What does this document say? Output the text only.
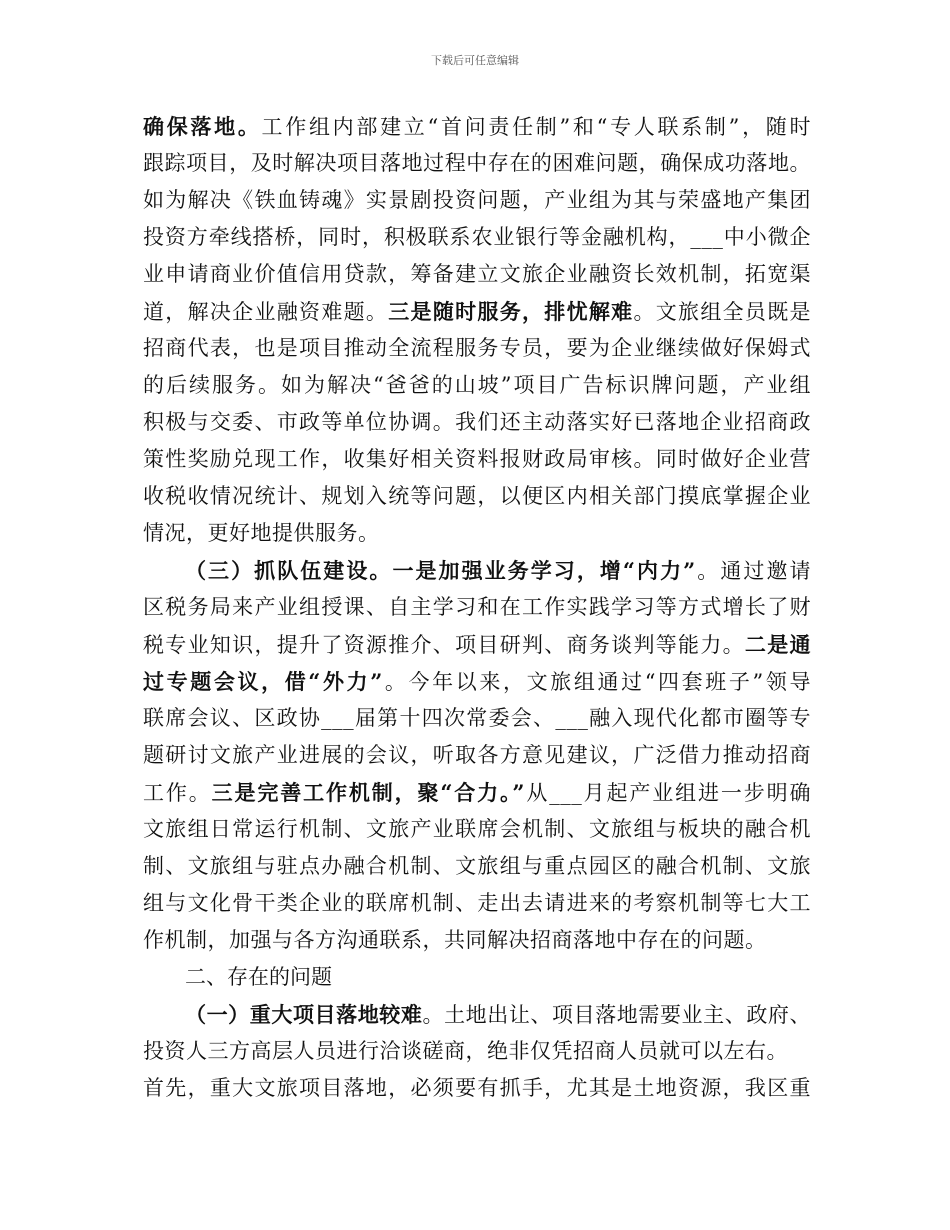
下载后可任意编辑
确保落地。工作组内部建立“首问责任制”和“专人联系制”，随时
跟踪项目，及时解决项目落地过程中存在的困难问题，确保成功落地。
如为解决《铁血铸魂》实景剧投资问题，产业组为其与荣盛地产集团
投资方牵线搭桥，同时，积极联系农业银行等金融机构，___中小微企
业申请商业价值信用贷款，筹备建立文旅企业融资长效机制，拓宽渠
道，解决企业融资难题。三是随时服务，排忧解难。文旅组全员既是
招商代表，也是项目推动全流程服务专员，要为企业继续做好保姆式
的后续服务。如为解决“爸爸的山坡”项目广告标识牌问题，产业组
积极与交委、市政等单位协调。我们还主动落实好已落地企业招商政
策性奖励兑现工作，收集好相关资料报财政局审核。同时做好企业营
收税收情况统计、规划入统等问题，以便区内相关部门摸底掌握企业
情况，更好地提供服务。
（三）抓队伍建设。一是加强业务学习，增“内力”。通过邀请
区税务局来产业组授课、自主学习和在工作实践学习等方式增长了财
税专业知识，提升了资源推介、项目研判、商务谈判等能力。二是通
过专题会议，借“外力”。今年以来，文旅组通过“四套班子”领导
联席会议、区政协___届第十四次常委会、___融入现代化都市圈等专
题研讨文旅产业进展的会议，听取各方意见建议，广泛借力推动招商
工作。三是完善工作机制，聚“合力。”从___月起产业组进一步明确
文旅组日常运行机制、文旅产业联席会机制、文旅组与板块的融合机
制、文旅组与驻点办融合机制、文旅组与重点园区的融合机制、文旅
组与文化骨干类企业的联席机制、走出去请进来的考察机制等七大工
作机制，加强与各方沟通联系，共同解决招商落地中存在的问题。
二、存在的问题
（一）重大项目落地较难。土地出让、项目落地需要业主、政府、
投资人三方高层人员进行洽谈磋商，绝非仅凭招商人员就可以左右。
首先，重大文旅项目落地，必须要有抓手，尤其是土地资源，我区重
